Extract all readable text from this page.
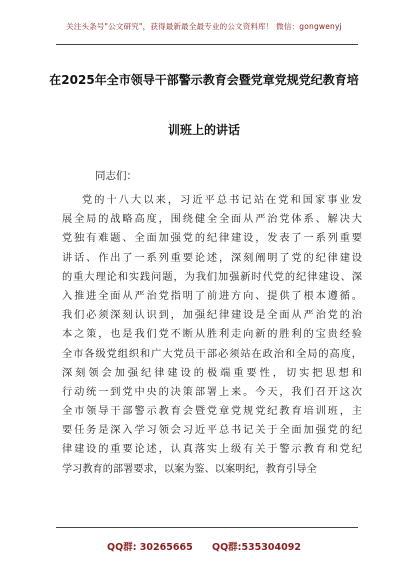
关注头条号"公文研究"，获得最新最全最专业的公文资料库！ 微信：gongwenyj
在2025年全市领导干部警示教育会暨党章党规党纪教育培
训班上的讲话
同志们：
党的十八大以来，习近平总书记站在党和国家事业发
展全局的战略高度，围绕健全全面从严治党体系、解决大
党独有难题、全面加强党的纪律建设，发表了一系列重要
讲话、作出了一系列重要论述，深刻阐明了党的纪律建设
的重大理论和实践问题，为我们加强新时代党的纪律建设、深
入推进全面从严治党指明了前进方向、提供了根本遵循。
我们必须深刻认识到，加强纪律建设是全面从严治党的治
本之策，也是我们党不断从胜利走向新的胜利的宝贵经验
全市各级党组织和广大党员干部必须站在政治和全局的高度，
深刻领会加强纪律建设的极端重要性，切实把思想和
行动统一到党中央的决策部署上来。今天，我们召开这次
全市领导干部警示教育会暨党章党规党纪教育培训班，主
要任务是深入学习领会习近平总书记关于全面加强党的纪
律建设的重要论述，认真落实上级有关于警示教育和党纪
学习教育的部署要求，以案为鉴、以案明纪，教育引导全
QQ群: 30265665 QQ群:535304092
